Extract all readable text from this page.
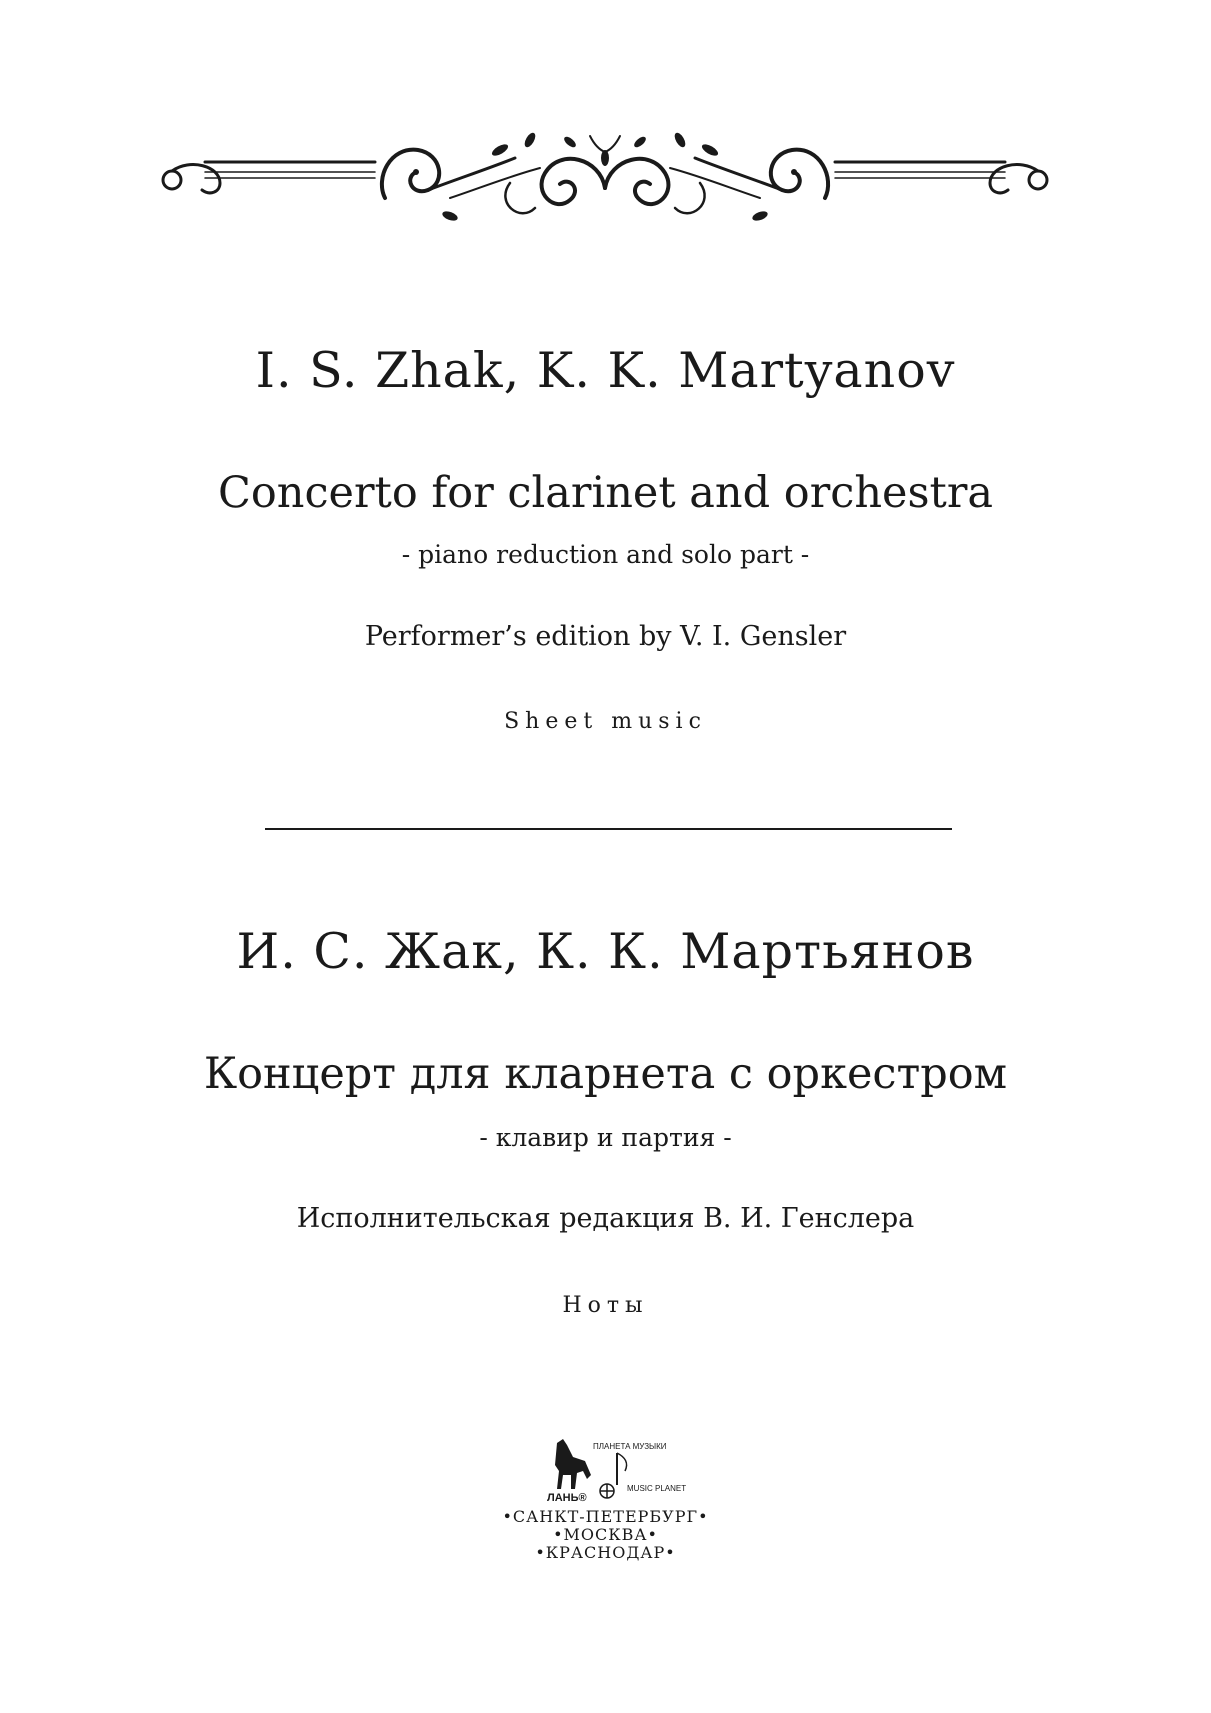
I. S. Zhak, K. K. Martyanov
Concerto for clarinet and orchestra
- piano reduction and solo part -
Performer’s edition by V. I. Gensler
Sheet music
И. С. Жак, К. К. Мартьянов
Концерт для кларнета с оркестром
- клавир и партия -
Исполнительская редакция В. И. Генслера
Ноты
ЛАНЬ®
ПЛАНЕТА МУЗЫКИ
MUSIC PLANET
•САНКТ-ПЕТЕРБУРГ•
•МОСКВА•
•КРАСНОДАР•
